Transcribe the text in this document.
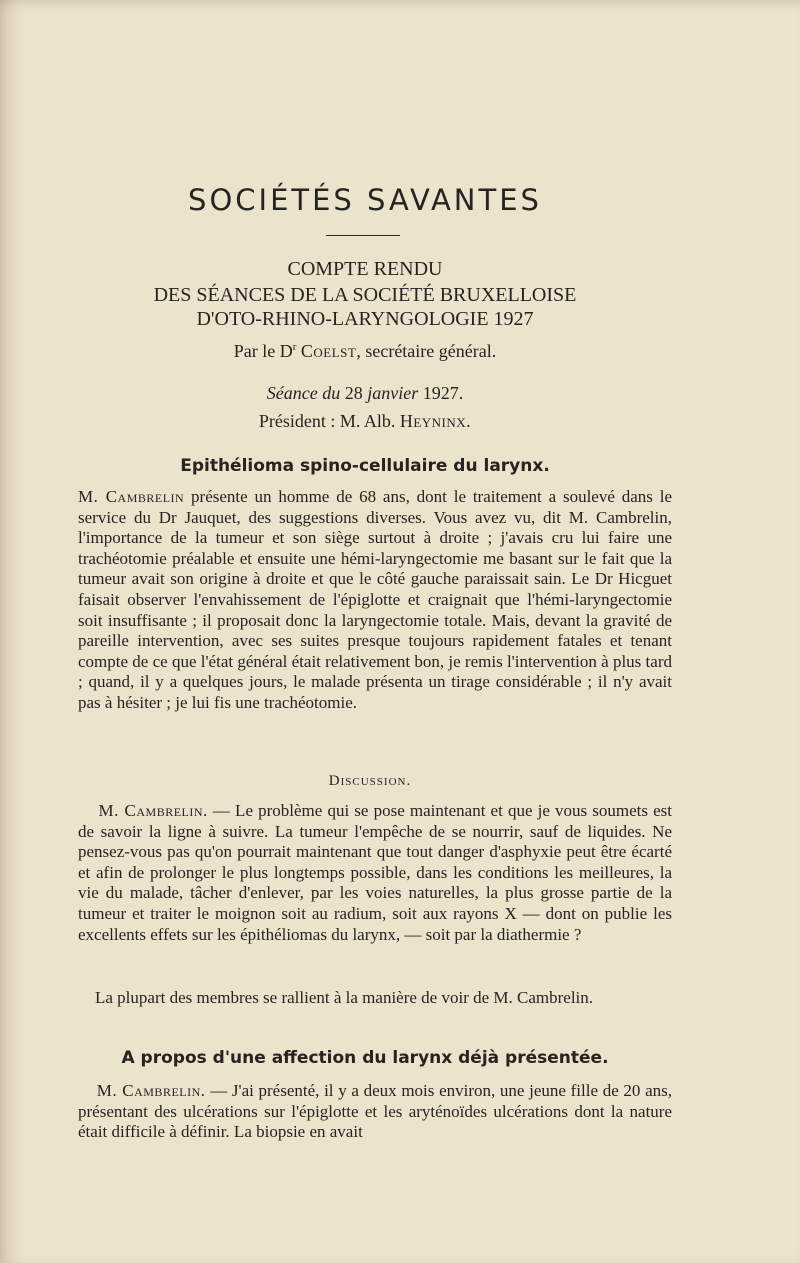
SOCIÉTÉS SAVANTES
COMPTE RENDU
DES SÉANCES DE LA SOCIÉTÉ BRUXELLOISE
D'OTO-RHINO-LARYNGOLOGIE 1927
Par le $D^r$ Coelst, secrétaire général.
Séance du 28 janvier 1927.
Président : M. Alb. Heyninx.
Epithélioma spino-cellulaire du larynx.

M. Cambrelin présente un homme de 68 ans, dont le traitement a soulevé dans le service du Dr Jauquet, des suggestions diverses. Vous avez vu, dit M. Cambrelin, l'importance de la tumeur et son siège surtout à droite ; j'avais cru lui faire une trachéotomie préalable et ensuite une hémi-laryngectomie me basant sur le fait que la tumeur avait son origine à droite et que le côté gauche paraissait sain. Le Dr Hicguet faisait observer l'envahissement de l'épiglotte et craignait que l'hémi-laryngectomie soit insuffisante ; il proposait donc la laryngectomie totale. Mais, devant la gravité de pareille intervention, avec ses suites presque toujours rapidement fatales et tenant compte de ce que l'état général était relativement bon, je remis l'intervention à plus tard ; quand, il y a quelques jours, le malade présenta un tirage considérable ; il n'y avait pas à hésiter ; je lui fis une trachéotomie.

Discussion.

M. Cambrelin. — Le problème qui se pose maintenant et que je vous soumets est de savoir la ligne à suivre. La tumeur l'empêche de se nourrir, sauf de liquides. Ne pensez-vous pas qu'on pourrait maintenant que tout danger d'asphyxie peut être écarté et afin de prolonger le plus longtemps possible, dans les conditions les meilleures, la vie du malade, tâcher d'enlever, par les voies naturelles, la plus grosse partie de la tumeur et traiter le moignon soit au radium, soit aux rayons X — dont on publie les excellents effets sur les épithéliomas du larynx, — soit par la diathermie ?

La plupart des membres se rallient à la manière de voir de M. Cambrelin.

A propos d'une affection du larynx déjà présentée.

M. Cambrelin. — J'ai présenté, il y a deux mois environ, une jeune fille de 20 ans, présentant des ulcérations sur l'épiglotte et les aryténoïdes ulcérations dont la nature était difficile à définir. La biopsie en avait
